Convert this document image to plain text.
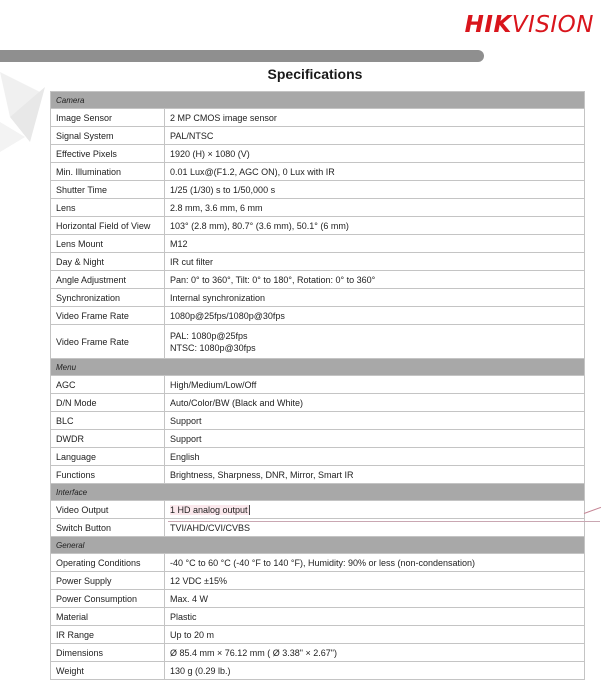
HIKVISION
Specifications
Camera	
Image Sensor	2 MP CMOS image sensor
Signal System	PAL/NTSC
Effective Pixels	1920 (H) × 1080 (V)
Min. Illumination	0.01 Lux@(F1.2, AGC ON), 0 Lux with IR
Shutter Time	1/25 (1/30) s to 1/50,000 s
Lens	2.8 mm, 3.6 mm, 6 mm
Horizontal Field of View	103° (2.8 mm), 80.7° (3.6 mm), 50.1° (6 mm)
Lens Mount	M12
Day & Night	IR cut filter
Angle Adjustment	Pan: 0° to 360°, Tilt: 0° to 180°, Rotation: 0° to 360°
Synchronization	Internal synchronization
Video Frame Rate	1080p@25fps/1080p@30fps
Video Frame Rate	PAL: 1080p@25fps
NTSC: 1080p@30fps

Menu	
AGC	High/Medium/Low/Off
D/N Mode	Auto/Color/BW (Black and White)
BLC	Support
DWDR	Support
Language	English
Functions	Brightness, Sharpness, DNR, Mirror, Smart IR
Interface	
Video Output	1 HD analog output
Switch Button	TVI/AHD/CVI/CVBS
General	
Operating Conditions	-40 °C to 60 °C (-40 °F to 140 °F), Humidity: 90% or less (non-condensation)
Power Supply	12 VDC ±15%
Power Consumption	Max. 4 W
Material	Plastic
IR Range	Up to 20 m
Dimensions	Ø 85.4 mm × 76.12 mm ( Ø 3.38" × 2.67")
Weight	130 g (0.29 lb.)
